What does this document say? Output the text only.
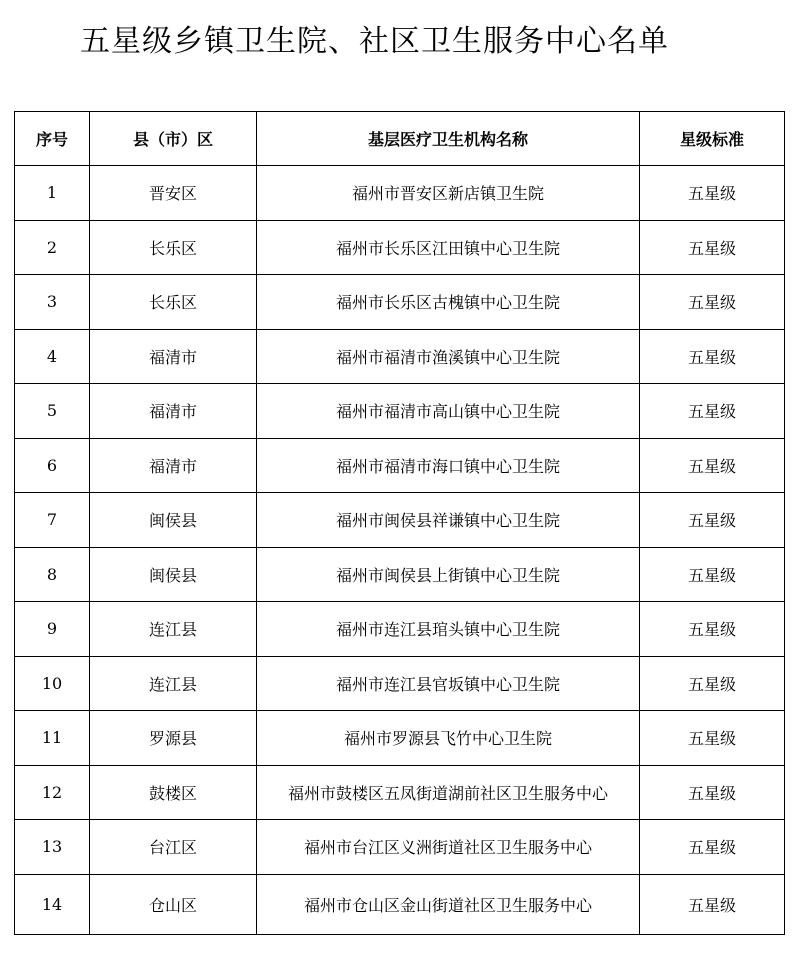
五星级乡镇卫生院、社区卫生服务中心名单
序号	县（市）区	基层医疗卫生机构名称	星级标准
1	晋安区	福州市晋安区新店镇卫生院	五星级
2	长乐区	福州市长乐区江田镇中心卫生院	五星级
3	长乐区	福州市长乐区古槐镇中心卫生院	五星级
4	福清市	福州市福清市渔溪镇中心卫生院	五星级
5	福清市	福州市福清市高山镇中心卫生院	五星级
6	福清市	福州市福清市海口镇中心卫生院	五星级
7	闽侯县	福州市闽侯县祥谦镇中心卫生院	五星级
8	闽侯县	福州市闽侯县上街镇中心卫生院	五星级
9	连江县	福州市连江县琯头镇中心卫生院	五星级
10	连江县	福州市连江县官坂镇中心卫生院	五星级
11	罗源县	福州市罗源县飞竹中心卫生院	五星级
12	鼓楼区	福州市鼓楼区五凤街道湖前社区卫生服务中心	五星级
13	台江区	福州市台江区义洲街道社区卫生服务中心	五星级
14	仓山区	福州市仓山区金山街道社区卫生服务中心	五星级
